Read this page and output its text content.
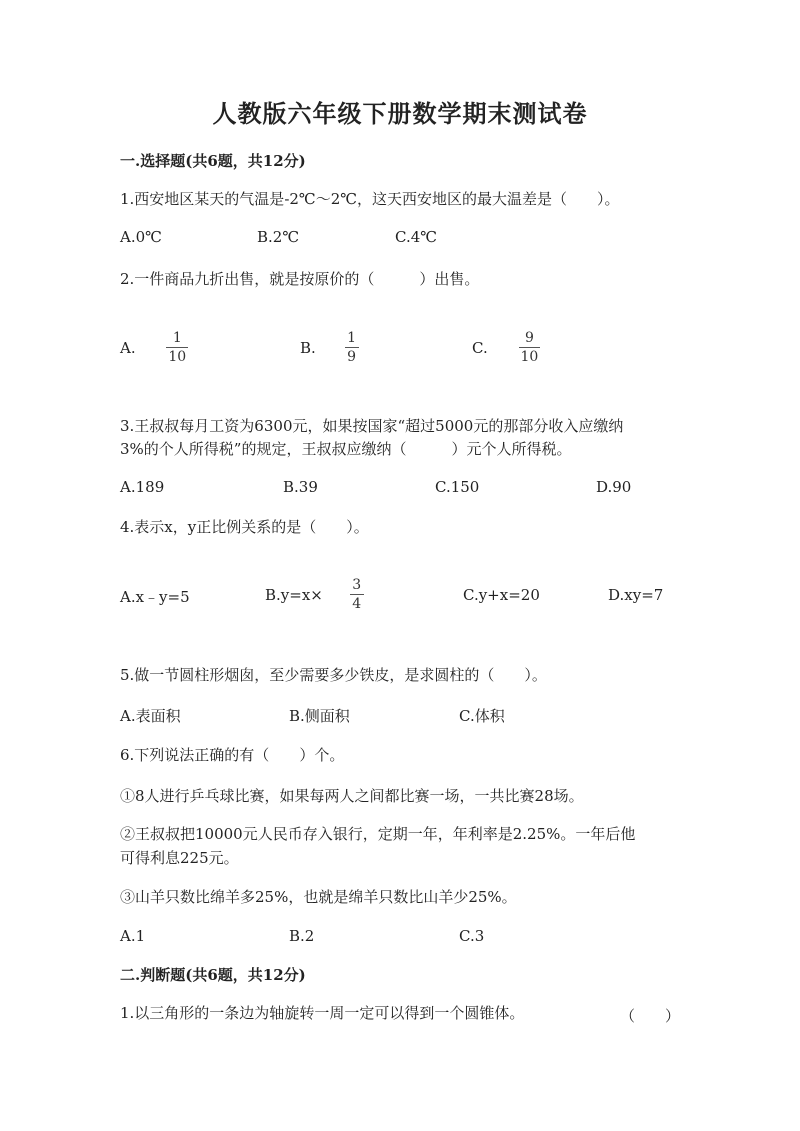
人教版六年级下册数学期末测试卷
一.选择题(共6题，共12分)
1.西安地区某天的气温是-2℃～2℃，这天西安地区的最大温差是（　　）。
A.0℃	B.2℃	C.4℃
2.一件商品九折出售，就是按原价的（　　　）出售。
A. $\frac{1}{10}$	B. $\frac{1}{9}$	C. $\frac{9}{10}$
3.王叔叔每月工资为6300元，如果按国家“超过5000元的那部分收入应缴纳
3%的个人所得税”的规定，王叔叔应缴纳（　　　）元个人所得税。
A.189	B.39	C.150	D.90
4.表示x，y正比例关系的是（　　）。
A.x﹣y=5	$B.y=x\times \frac{3}{4}$	C.y+x=20	D.xy=7
5.做一节圆柱形烟囱，至少需要多少铁皮，是求圆柱的（　　）。
A.表面积	B.侧面积	C.体积
6.下列说法正确的有（　　）个。
①8人进行乒乓球比赛，如果每两人之间都比赛一场，一共比赛28场。
②王叔叔把10000元人民币存入银行，定期一年，年利率是2.25%。一年后他
可得利息225元。
③山羊只数比绵羊多25%，也就是绵羊只数比山羊少25%。
A.1	B.2	C.3
二.判断题(共6题，共12分)
1.以三角形的一条边为轴旋转一周一定可以得到一个圆锥体。	（　　）
